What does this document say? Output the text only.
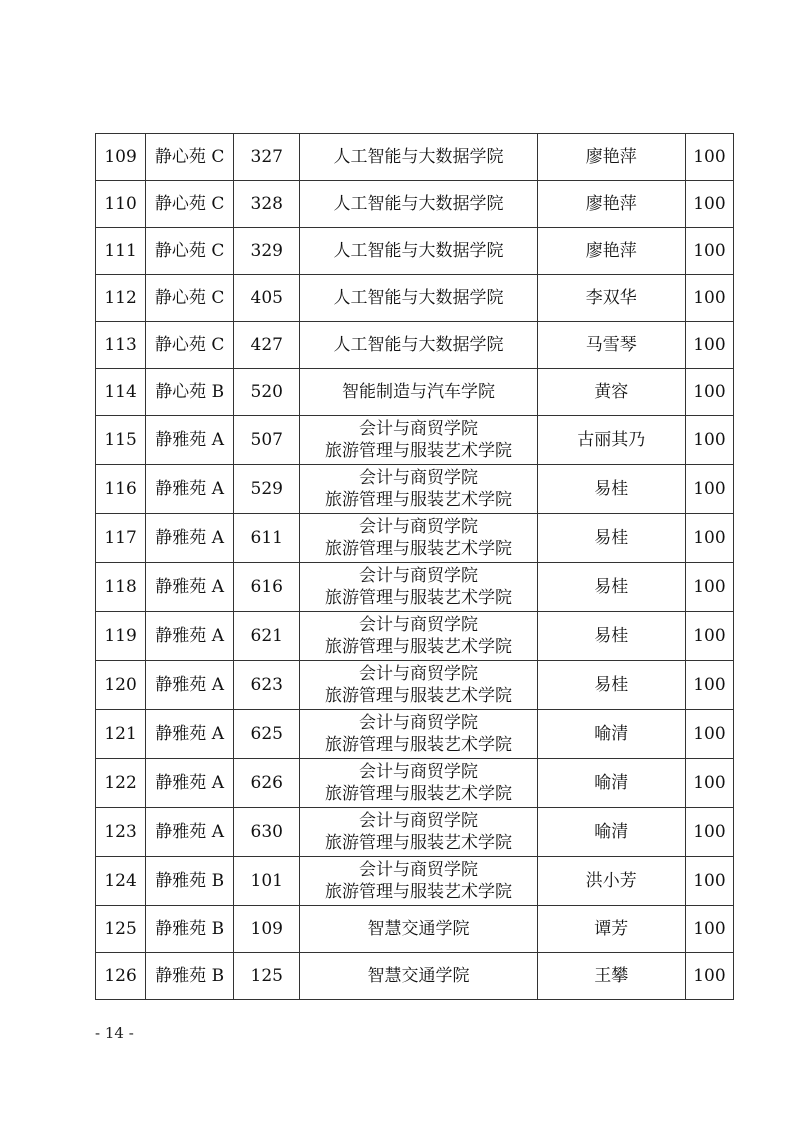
109	静心苑 C	327	人工智能与大数据学院	廖艳萍	100
110	静心苑 C	328	人工智能与大数据学院	廖艳萍	100
111	静心苑 C	329	人工智能与大数据学院	廖艳萍	100
112	静心苑 C	405	人工智能与大数据学院	李双华	100
113	静心苑 C	427	人工智能与大数据学院	马雪琴	100
114	静心苑 B	520	智能制造与汽车学院	黄容	100
115	静雅苑 A	507	会计与商贸学院
旅游管理与服装艺术学院	古丽其乃	100
116	静雅苑 A	529	会计与商贸学院
旅游管理与服装艺术学院	易桂	100
117	静雅苑 A	611	会计与商贸学院
旅游管理与服装艺术学院	易桂	100
118	静雅苑 A	616	会计与商贸学院
旅游管理与服装艺术学院	易桂	100
119	静雅苑 A	621	会计与商贸学院
旅游管理与服装艺术学院	易桂	100
120	静雅苑 A	623	会计与商贸学院
旅游管理与服装艺术学院	易桂	100
121	静雅苑 A	625	会计与商贸学院
旅游管理与服装艺术学院	喻清	100
122	静雅苑 A	626	会计与商贸学院
旅游管理与服装艺术学院	喻清	100
123	静雅苑 A	630	会计与商贸学院
旅游管理与服装艺术学院	喻清	100
124	静雅苑 B	101	会计与商贸学院
旅游管理与服装艺术学院	洪小芳	100
125	静雅苑 B	109	智慧交通学院	谭芳	100
126	静雅苑 B	125	智慧交通学院	王攀	100
- 14 -
